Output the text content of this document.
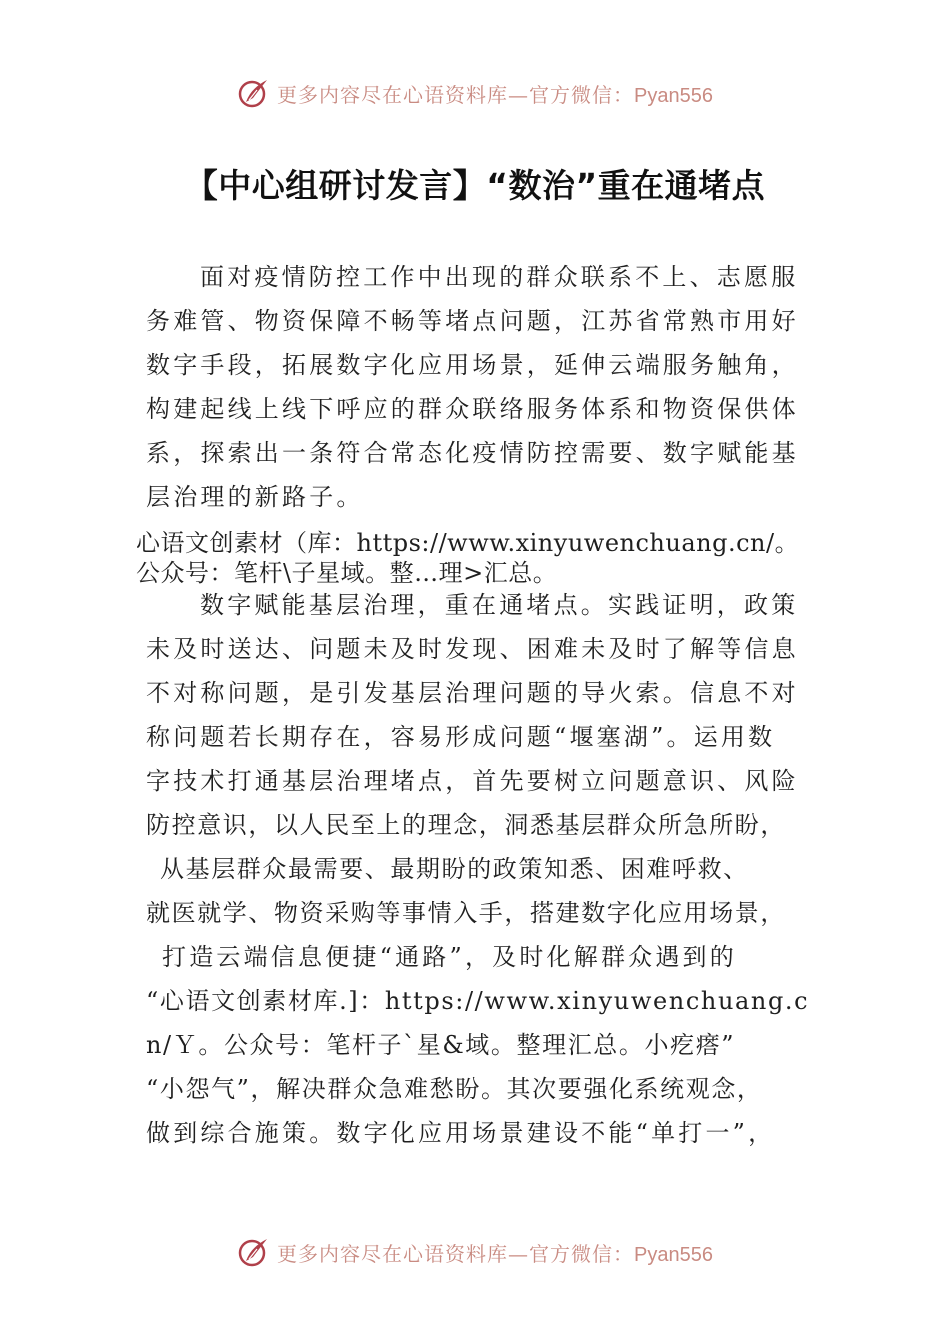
更多内容尽在心语资料库—官方微信：Pyan556
【中心组研讨发言】“数治”重在通堵点
面对疫情防控工作中出现的群众联系不上、志愿服
务难管、物资保障不畅等堵点问题，江苏省常熟市用好
数字手段，拓展数字化应用场景，延伸云端服务触角，
构建起线上线下呼应的群众联络服务体系和物资保供体
系，探索出一条符合常态化疫情防控需要、数字赋能基
层治理的新路子。
心语文创素材（库：https://www.xinyuwenchuang.cn/。
公众号：笔杆\子星域。整…理>汇总。
数字赋能基层治理，重在通堵点。实践证明，政策
未及时送达、问题未及时发现、困难未及时了解等信息
不对称问题，是引发基层治理问题的导火索。信息不对
称问题若长期存在，容易形成问题“堰塞湖”。运用数
字技术打通基层治理堵点，首先要树立问题意识、风险
防控意识，以人民至上的理念，洞悉基层群众所急所盼，
从基层群众最需要、最期盼的政策知悉、困难呼救、
就医就学、物资采购等事情入手，搭建数字化应用场景，
打造云端信息便捷“通路”，及时化解群众遇到的
“心语文创素材库.]：https://www.xinyuwenchuang.c
n/Ｙ。公众号：笔杆子`星&域。整理汇总。小疙瘩”
“小怨气”，解决群众急难愁盼。其次要强化系统观念，
做到综合施策。数字化应用场景建设不能“单打一”，
更多内容尽在心语资料库—官方微信：Pyan556
